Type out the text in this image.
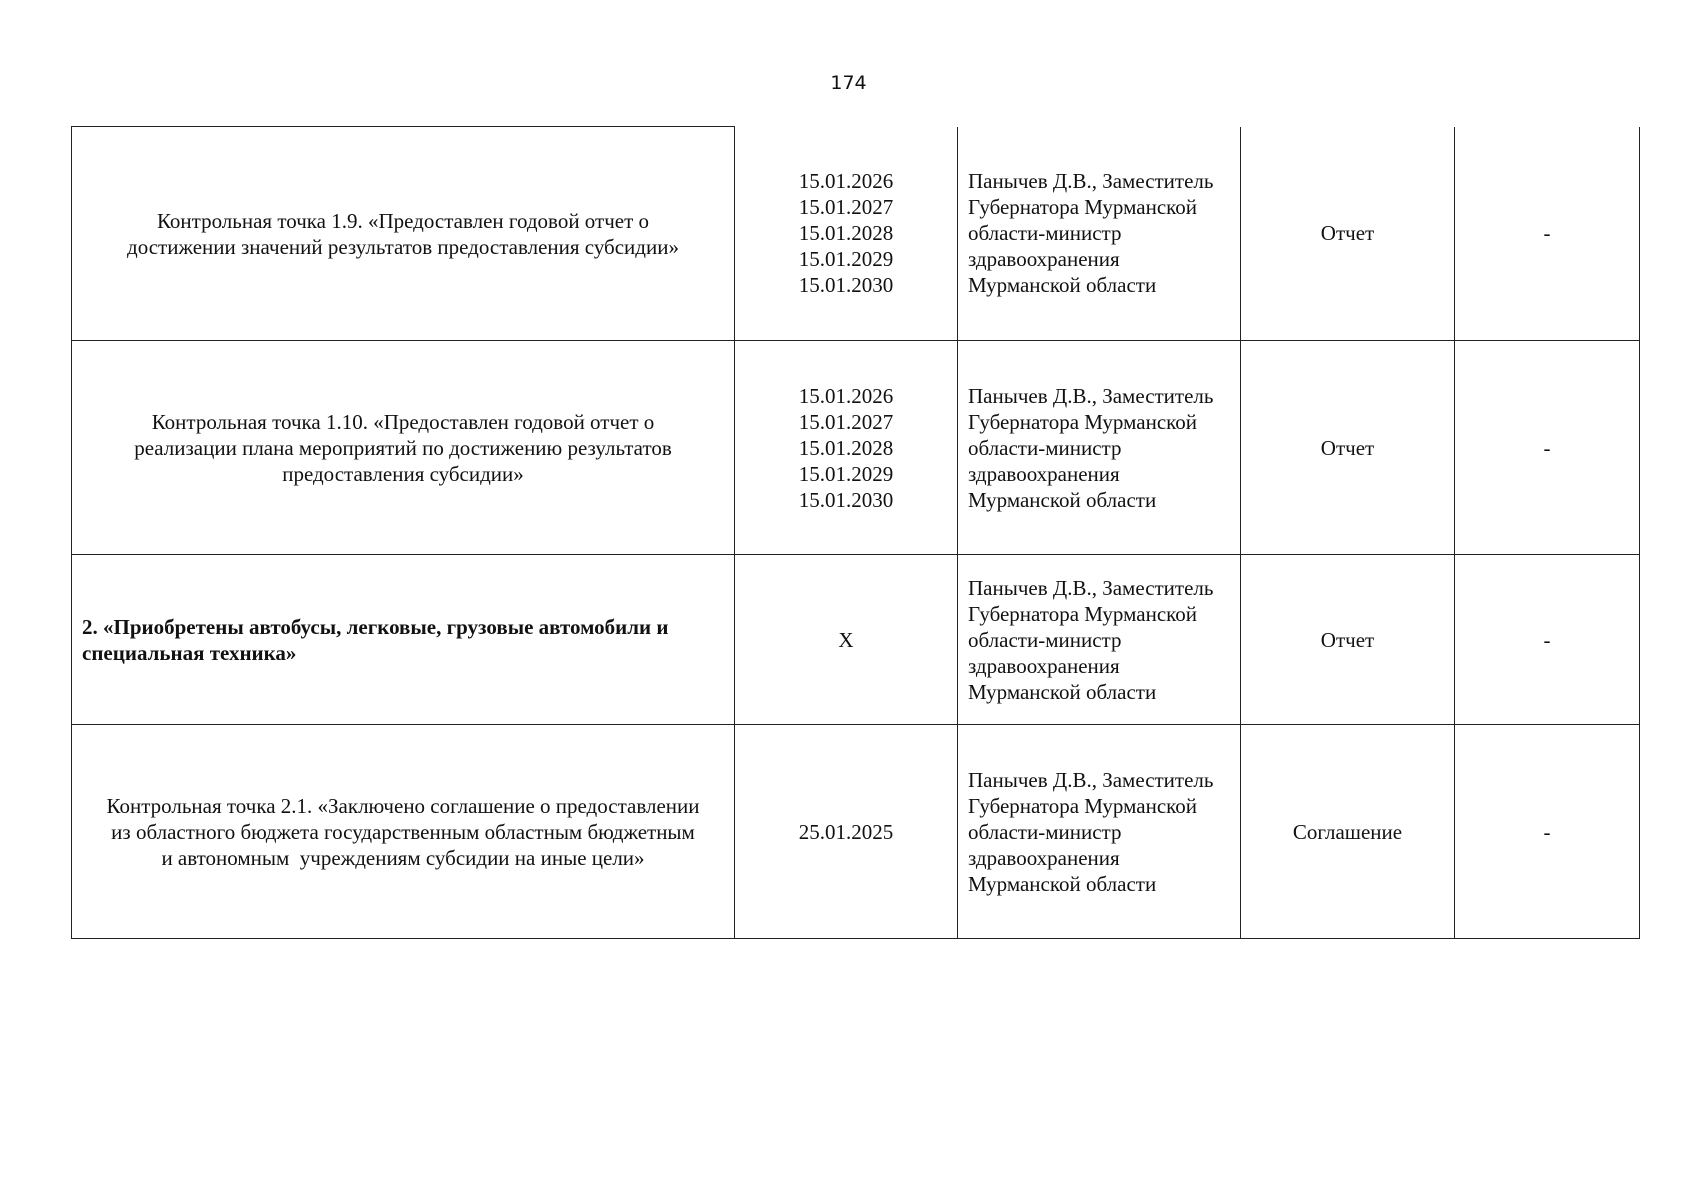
174
Контрольная точка 1.9. «Предоставлен годовой отчет о
достижении значений результатов предоставления субсидии»	15.01.2026
15.01.2027
15.01.2028
15.01.2029
15.01.2030	Панычев Д.В., Заместитель
Губернатора Мурманской
области-министр
здравоохранения
Мурманской области	Отчет	-

Контрольная точка 1.10. «Предоставлен годовой отчет о
реализации плана мероприятий по достижению результатов
предоставления субсидии»	15.01.2026
15.01.2027
15.01.2028
15.01.2029
15.01.2030	Панычев Д.В., Заместитель
Губернатора Мурманской
области-министр
здравоохранения
Мурманской области	Отчет	-

2. «Приобретены автобусы, легковые, грузовые автомобили и
специальная техника»	X	Панычев Д.В., Заместитель
Губернатора Мурманской
области-министр
здравоохранения
Мурманской области	Отчет	-

Контрольная точка 2.1. «Заключено соглашение о предоставлении
из областного бюджета государственным областным бюджетным
и автономным  учреждениям субсидии на иные цели»	25.01.2025	Панычев Д.В., Заместитель
Губернатора Мурманской
области-министр
здравоохранения
Мурманской области	Соглашение	-
